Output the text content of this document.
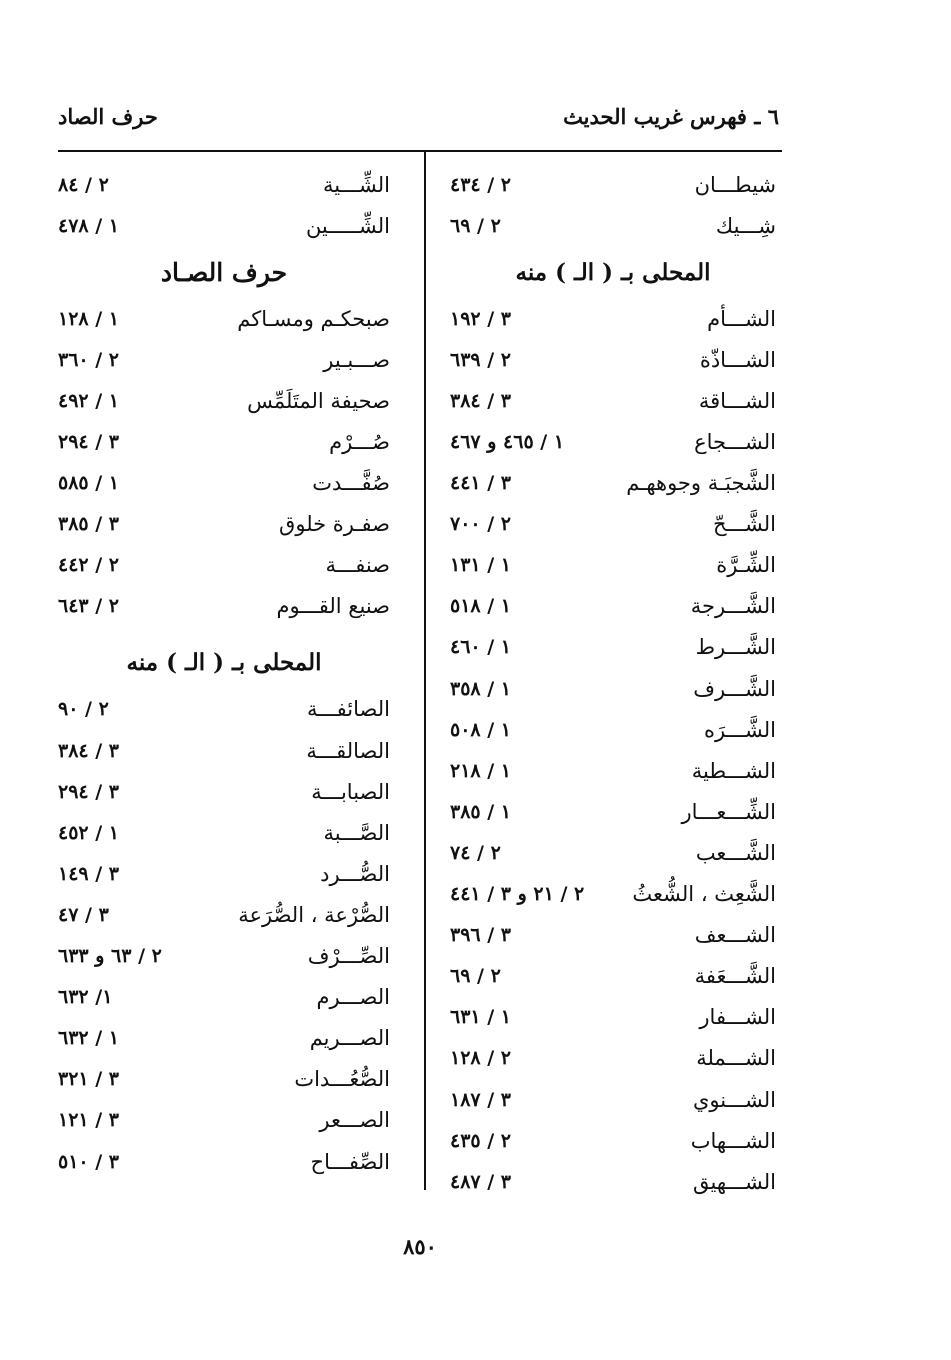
٦ ـ فهرس غريب الحديث
حرف الصاد
٢ / ٤٣٤	شيطـــان
٢ / ٦٩	شِـــيك
المحلى بـ ( الـ ) منه
٣ / ١٩٢	الشـــأم
٢ / ٦٣٩	الشـــاذّة
٣ / ٣٨٤	الشـــاقة
١ / ٤٦٥ و ٤٦٧	الشـــجاع
٣ / ٤٤١	الشَّجبَـة وجوههـم
٢ / ٧٠٠	الشَّـــحّ
١ / ١٣١	الشِّـرَّة
١ / ٥١٨	الشَّـــرجة
١ / ٤٦٠	الشَّـــرط
١ / ٣٥٨	الشَّـــرف
١ / ٥٠٨	الشَّـــرَه
١ / ٢١٨	الشـــطية
١ / ٣٨٥	الشِّـــعـــار
٢ / ٧٤	الشَّـــعب
٢ / ٢١ و ٣ / ٤٤١ الشَّعِث ، الشُّعثُ
٣ / ٣٩٦	الشـــعف
٢ / ٦٩	الشَّـــعَفة
١ / ٦٣١	الشـــفار
٢ / ١٢٨	الشـــملة
٣ / ١٨٧	الشـــنوي
٢ / ٤٣٥	الشـــهاب
٣ / ٤٨٧	الشـــهيق
٢ / ٨٤	الشِّـــية
١ / ٤٧٨	الشِّـــــين
حرف الصـاد
١ / ١٢٨	صبحكـم ومسـاكم
٢ / ٣٦٠	صـــبـير
١ / ٤٩٢	صحيفة المتَلَمِّس
٣ / ٢٩٤	صُـــرْم
١ / ٥٨٥	صُفَّـــدت
٣ / ٣٨٥	صفـرة خلوق
٢ / ٤٤٢	صنفـــة
٢ / ٦٤٣	صنيع القـــوم
المحلى بـ ( الـ ) منه
٢ / ٩٠	الصائفـــة
٣ / ٣٨٤	الصالقـــة
٣ / ٢٩٤	الصبابـــة
١ / ٤٥٢	الصَّـــبة
٣ / ١٤٩	الصُّـــرد
٣ / ٤٧	الصُّرْعة ، الصُّرَعة
٢ / ٦٣ و ٦٣٣	الصِّـــرْف
١/ ٦٣٢	الصـــرم
١ / ٦٣٢	الصـــريم
٣ / ٣٢١	الصُّعُـــدات
٣ / ١٢١	الصـــعر
٣ / ٥١٠	الصِّفـــاح
٨٥٠
